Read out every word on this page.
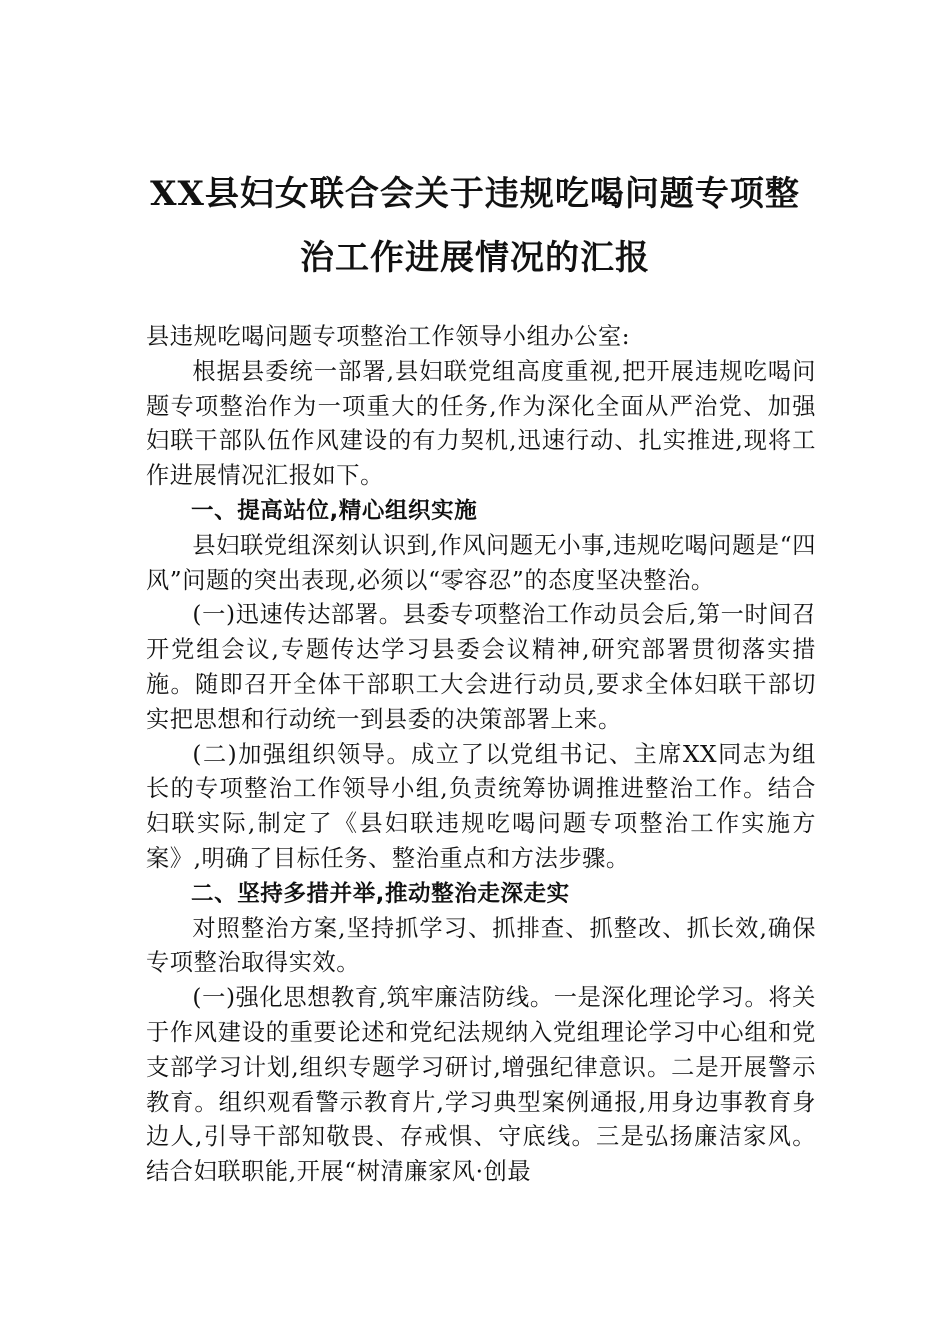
XX县妇女联合会关于违规吃喝问题专项整
治工作进展情况的汇报

县违规吃喝问题专项整治工作领导小组办公室:

根据县委统一部署,县妇联党组高度重视,把开展违规吃喝问题专项整治作为一项重大的任务,作为深化全面从严治党、加强妇联干部队伍作风建设的有力契机,迅速行动、扎实推进,现将工作进展情况汇报如下。

一、提高站位,精心组织实施

县妇联党组深刻认识到,作风问题无小事,违规吃喝问题是“四风”问题的突出表现,必须以“零容忍”的态度坚决整治。

(一)迅速传达部署。县委专项整治工作动员会后,第一时间召开党组会议,专题传达学习县委会议精神,研究部署贯彻落实措施。随即召开全体干部职工大会进行动员,要求全体妇联干部切实把思想和行动统一到县委的决策部署上来。

(二)加强组织领导。成立了以党组书记、主席XX同志为组长的专项整治工作领导小组,负责统筹协调推进整治工作。结合妇联实际,制定了《县妇联违规吃喝问题专项整治工作实施方案》,明确了目标任务、整治重点和方法步骤。

二、坚持多措并举,推动整治走深走实

对照整治方案,坚持抓学习、抓排查、抓整改、抓长效,确保专项整治取得实效。

(一)强化思想教育,筑牢廉洁防线。一是深化理论学习。将关于作风建设的重要论述和党纪法规纳入党组理论学习中心组和党支部学习计划,组织专题学习研讨,增强纪律意识。二是开展警示教育。组织观看警示教育片,学习典型案例通报,用身边事教育身边人,引导干部知敬畏、存戒惧、守底线。三是弘扬廉洁家风。结合妇联职能,开展“树清廉家风·创最
